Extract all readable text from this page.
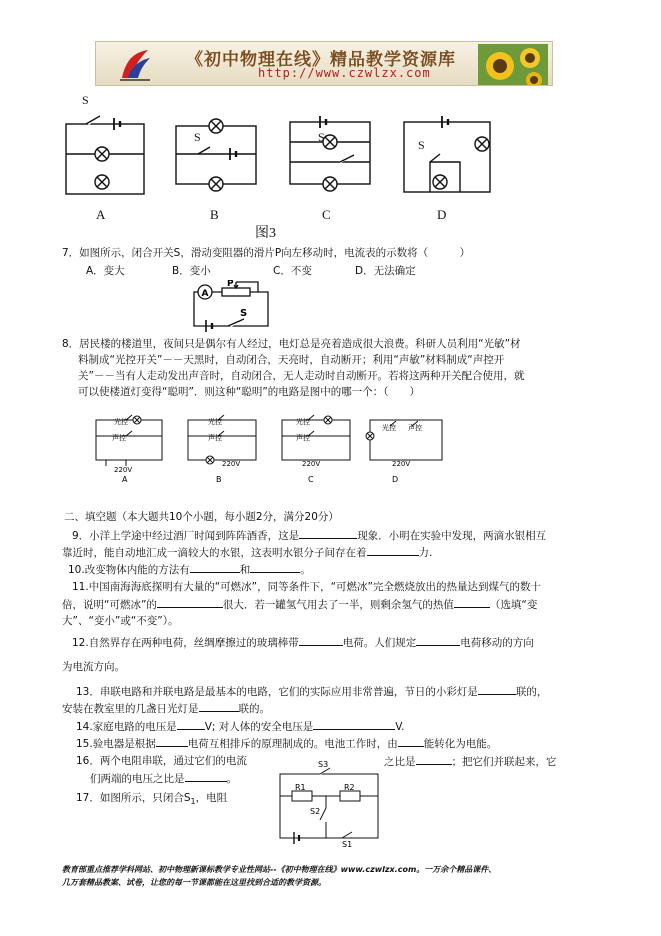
《初中物理在线》精品教学资源库
http://www.czwlzx.com
S
S	S
S
A	B	C	D
图3
7．如图所示，闭合开关S，滑动变阻器的滑片P向左移动时，电流表的示数将（　　　）
A．变大	B．变小	C．不变	D．无法确定
A
P
S
8．居民楼的楼道里，夜间只是偶尔有人经过，电灯总是亮着造成很大浪费。科研人员利用“光敏”材
料制成“光控开关”－－天黑时，自动闭合，天亮时，自动断开；利用“声敏”材料制成“声控开
关”－－当有人走动发出声音时，自动闭合，无人走动时自动断开。若将这两种开关配合使用，就
可以使楼道灯变得“聪明”．则这种“聪明”的电路是图中的哪一个：（　　）
光控
声控
220V
光控
声控
220V
光控
声控
220V
光控 声控
220V
A	B	C	D
二、填空题（本大题共10个小题，每小题2分，满分20分）
9．小洋上学途中经过酒厂时闻到阵阵酒香，这是	现象．小明在实验中发现，两滴水银相互
靠近时，能自动地汇成一滴较大的水银，这表明水银分子间存在着	力.
10.改变物体内能的方法有	和	。
11.中国南海海底探明有大量的“可燃冰”，同等条件下，“可燃冰”完全燃烧放出的热量达到煤气的数十
倍，说明“可燃冰”的	很大．若一罐氢气用去了一半，则剩余氢气的热值	（选填“变
大”、“变小”或“不变”）。
12.自然界存在两种电荷，丝绸摩擦过的玻璃棒带	电荷。人们规定	电荷移动的方向
为电流方向。
13．串联电路和并联电路是最基本的电路，它们的实际应用非常普遍，节日的小彩灯是	联的，
安装在教室里的几盏日光灯是	联的。
14.家庭电路的电压是	V; 对人体的安全电压是	V.
15.验电器是根据	电荷互相排斥的原理制成的。电池工作时，由 能转化为电能。
16．两个电阻串联，通过它们的电流	之比是	；把它们并联起来，它
们两端的电压之比是	。
17．如图所示，只闭合$S_1$，电阻
S3
R1	R2
S2
S1
教育部重点推荐学科网站、初中物理新课标教学专业性网站--《初中物理在线》www.czwlzx.com。一万余个精品课件、
几万套精品教案、试卷，让您的每一节课都能在这里找到合适的教学资源。
